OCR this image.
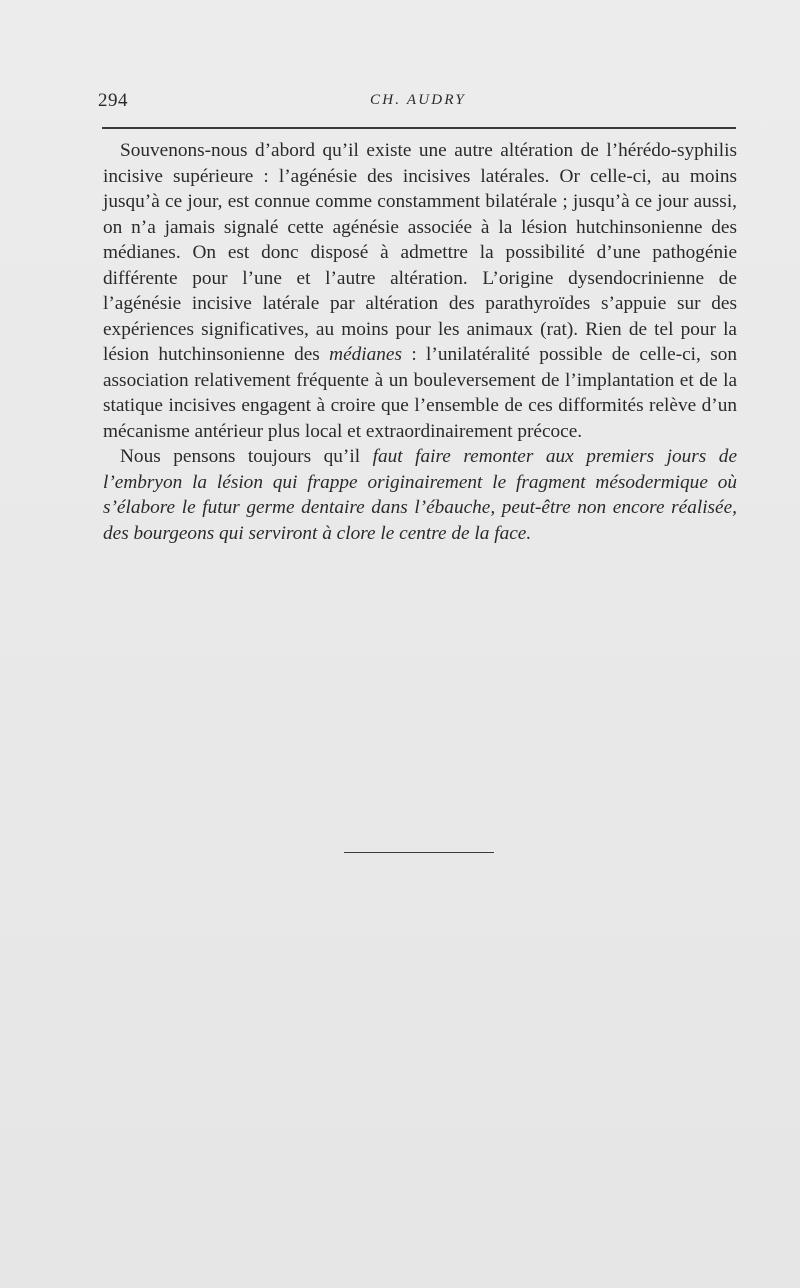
294	CH. AUDRY

Souvenons-nous d’abord qu’il existe une autre altération de l’hérédo-syphilis incisive supérieure : l’agénésie des incisives latérales. Or celle-ci, au moins jusqu’à ce jour, est connue comme constamment bilatérale ; jusqu’à ce jour aussi, on n’a jamais signalé cette agénésie associée à la lésion hutchinsonienne des médianes. On est donc disposé à admettre la possibilité d’une pathogénie différente pour l’une et l’autre altération. L’origine dysendocrinienne de l’agénésie incisive latérale par altération des parathyroïdes s’appuie sur des expériences significatives, au moins pour les animaux (rat). Rien de tel pour la lésion hutchinsonienne des médianes : l’unilatéralité possible de celle-ci, son association relativement fréquente à un bouleversement de l’implantation et de la statique incisives engagent à croire que l’ensemble de ces difformités relève d’un mécanisme antérieur plus local et extraordinairement précoce.

Nous pensons toujours qu’il faut faire remonter aux premiers jours de l’embryon la lésion qui frappe originairement le fragment mésodermique où s’élabore le futur germe dentaire dans l’ébauche, peut-être non encore réalisée, des bourgeons qui serviront à clore le centre de la face.
